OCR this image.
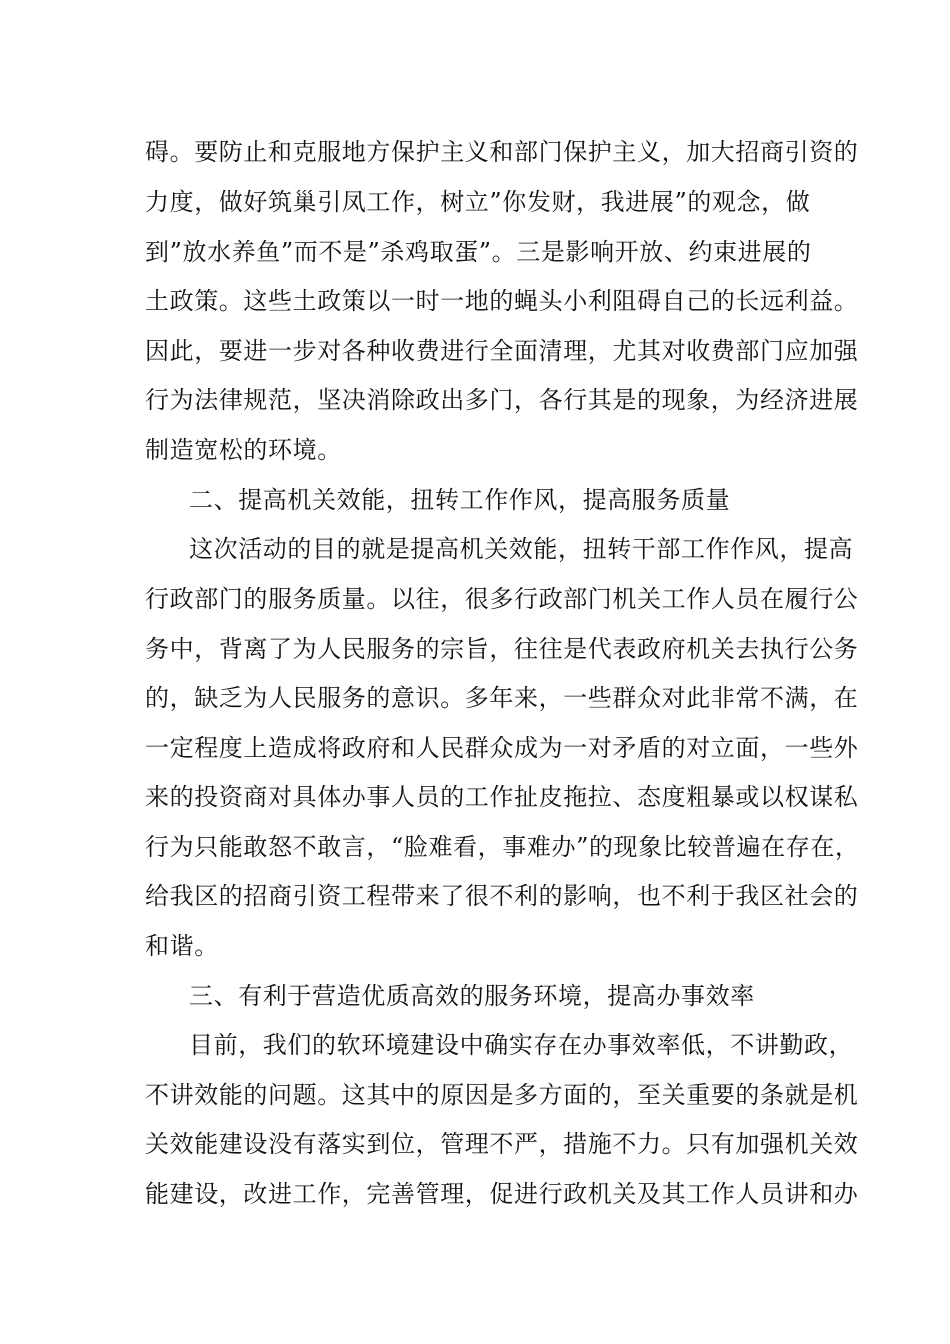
碍。要防止和克服地方保护主义和部门保护主义，加大招商引资的
力度，做好筑巢引凤工作，树立”你发财，我进展”的观念，做
到”放水养鱼”而不是”杀鸡取蛋”。三是影响开放、约束进展的
土政策。这些土政策以一时一地的蝇头小利阻碍自己的长远利益。
因此，要进一步对各种收费进行全面清理，尤其对收费部门应加强
行为法律规范，坚决消除政出多门，各行其是的现象，为经济进展
制造宽松的环境。
二、提高机关效能，扭转工作作风，提高服务质量
这次活动的目的就是提高机关效能，扭转干部工作作风，提高
行政部门的服务质量。以往，很多行政部门机关工作人员在履行公
务中，背离了为人民服务的宗旨，往往是代表政府机关去执行公务
的，缺乏为人民服务的意识。多年来，一些群众对此非常不满，在
一定程度上造成将政府和人民群众成为一对矛盾的对立面，一些外
来的投资商对具体办事人员的工作扯皮拖拉、态度粗暴或以权谋私
行为只能敢怒不敢言，“脸难看，事难办”的现象比较普遍在存在，
给我区的招商引资工程带来了很不利的影响，也不利于我区社会的
和谐。
三、有利于营造优质高效的服务环境，提高办事效率
目前，我们的软环境建设中确实存在办事效率低，不讲勤政，
不讲效能的问题。这其中的原因是多方面的，至关重要的条就是机
关效能建设没有落实到位，管理不严，措施不力。只有加强机关效
能建设，改进工作，完善管理，促进行政机关及其工作人员讲和办
